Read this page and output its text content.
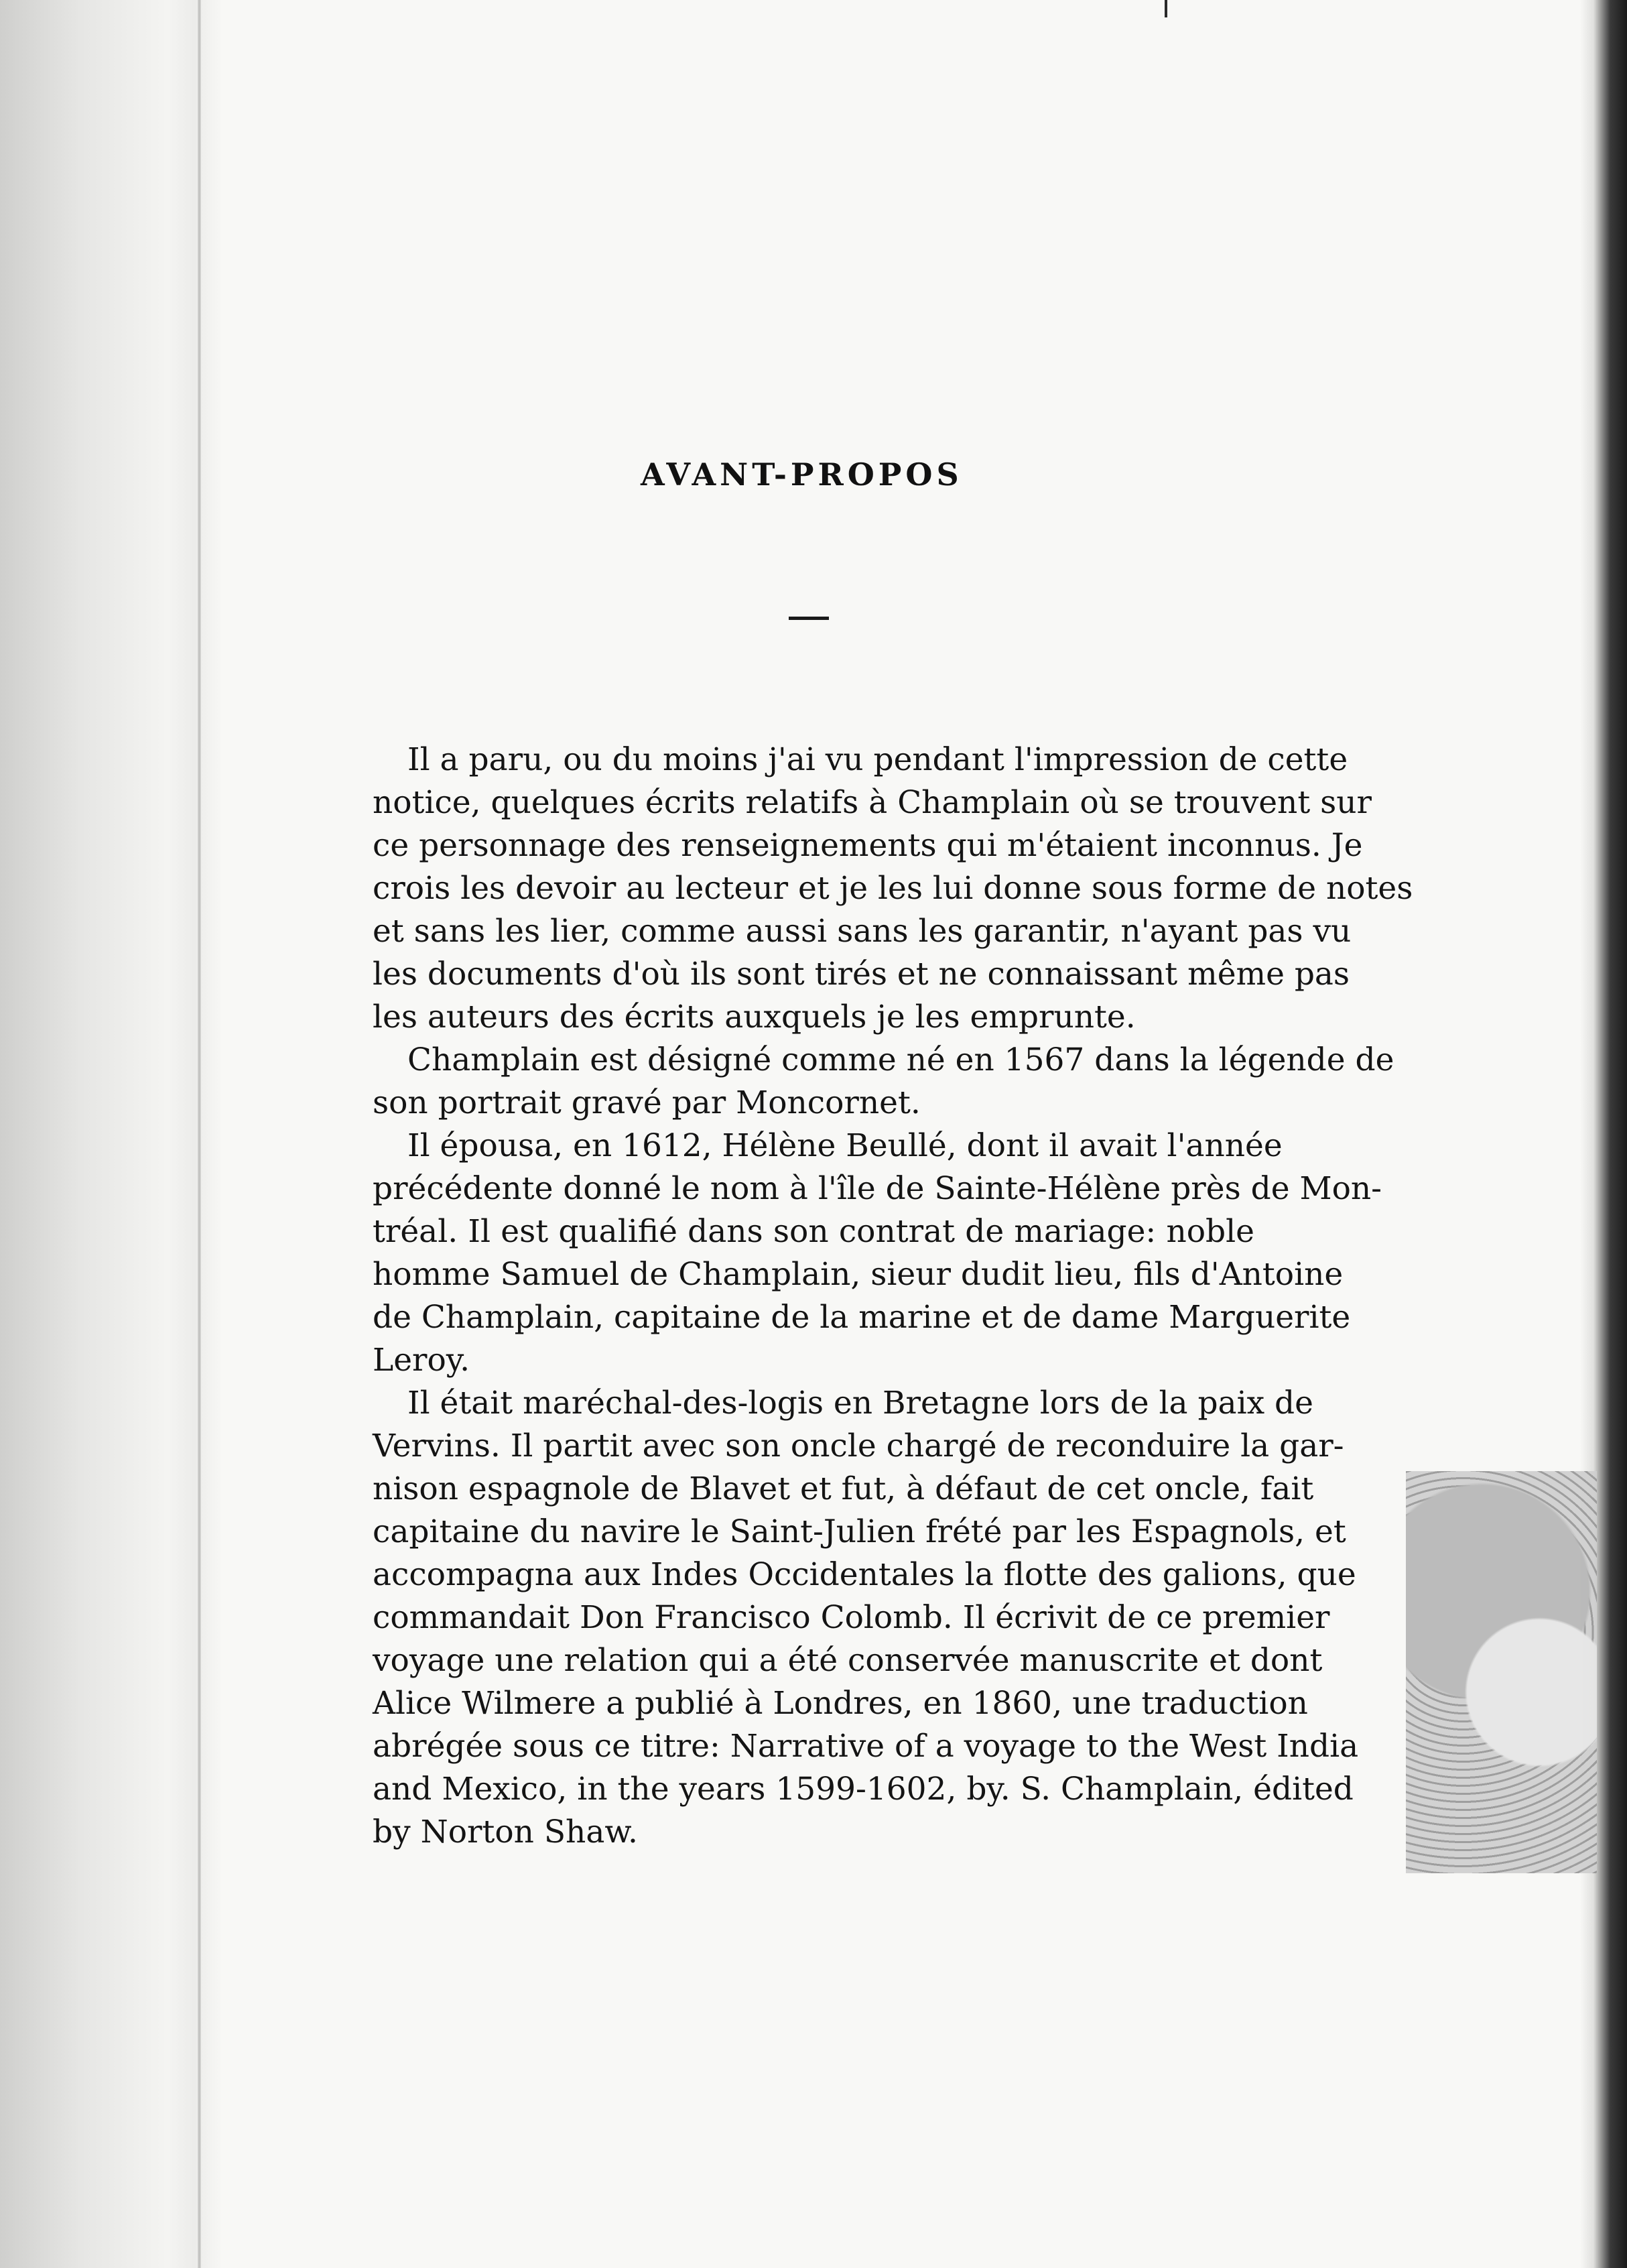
AVANT-PROPOS

Il a paru, ou du moins j'ai vu pendant l'impression de cette
notice, quelques écrits relatifs à Champlain où se trouvent sur
ce personnage des renseignements qui m'étaient inconnus. Je
crois les devoir au lecteur et je les lui donne sous forme de notes
et sans les lier, comme aussi sans les garantir, n'ayant pas vu
les documents d'où ils sont tirés et ne connaissant même pas
les auteurs des écrits auxquels je les emprunte.

Champlain est désigné comme né en 1567 dans la légende de
son portrait gravé par Moncornet.

Il épousa, en 1612, Hélène Beullé, dont il avait l'année
précédente donné le nom à l'île de Sainte-Hélène près de Mon-
tréal. Il est qualifié dans son contrat de mariage: noble
homme Samuel de Champlain, sieur dudit lieu, fils d'Antoine
de Champlain, capitaine de la marine et de dame Marguerite
Leroy.

Il était maréchal-des-logis en Bretagne lors de la paix de
Vervins. Il partit avec son oncle chargé de reconduire la gar-
nison espagnole de Blavet et fut, à défaut de cet oncle, fait
capitaine du navire le Saint-Julien frété par les Espagnols, et
accompagna aux Indes Occidentales la flotte des galions, que
commandait Don Francisco Colomb. Il écrivit de ce premier
voyage une relation qui a été conservée manuscrite et dont
Alice Wilmere a publié à Londres, en 1860, une traduction
abrégée sous ce titre: Narrative of a voyage to the West India
and Mexico, in the years 1599-1602, by. S. Champlain, édited
by Norton Shaw.
